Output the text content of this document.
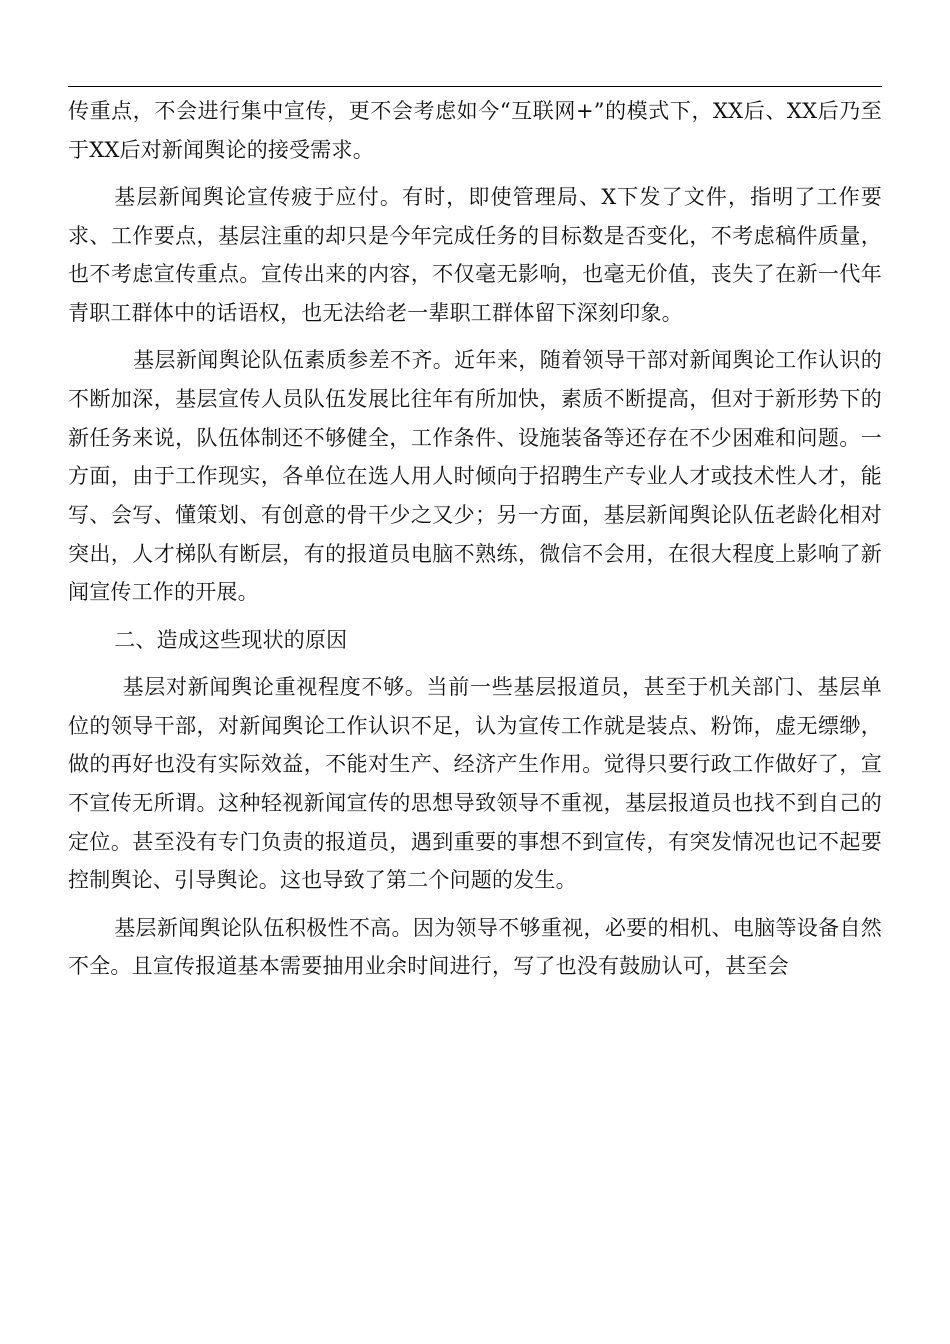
传重点，不会进行集中宣传，更不会考虑如今“互联网+”的模式下，XX后、XX后乃至于XX后对新闻舆论的接受需求。

基层新闻舆论宣传疲于应付。有时，即使管理局、X下发了文件，指明了工作要求、工作要点，基层注重的却只是今年完成任务的目标数是否变化，不考虑稿件质量，也不考虑宣传重点。宣传出来的内容，不仅毫无影响，也毫无价值，丧失了在新一代年青职工群体中的话语权，也无法给老一辈职工群体留下深刻印象。

基层新闻舆论队伍素质参差不齐。近年来，随着领导干部对新闻舆论工作认识的不断加深，基层宣传人员队伍发展比往年有所加快，素质不断提高，但对于新形势下的新任务来说，队伍体制还不够健全，工作条件、设施装备等还存在不少困难和问题。一方面，由于工作现实，各单位在选人用人时倾向于招聘生产专业人才或技术性人才，能写、会写、懂策划、有创意的骨干少之又少；另一方面，基层新闻舆论队伍老龄化相对突出，人才梯队有断层，有的报道员电脑不熟练，微信不会用，在很大程度上影响了新闻宣传工作的开展。

二、造成这些现状的原因

基层对新闻舆论重视程度不够。当前一些基层报道员，甚至于机关部门、基层单位的领导干部，对新闻舆论工作认识不足，认为宣传工作就是装点、粉饰，虚无缥缈，做的再好也没有实际效益，不能对生产、经济产生作用。觉得只要行政工作做好了，宣不宣传无所谓。这种轻视新闻宣传的思想导致领导不重视，基层报道员也找不到自己的定位。甚至没有专门负责的报道员，遇到重要的事想不到宣传，有突发情况也记不起要控制舆论、引导舆论。这也导致了第二个问题的发生。

基层新闻舆论队伍积极性不高。因为领导不够重视，必要的相机、电脑等设备自然不全。且宣传报道基本需要抽用业余时间进行，写了也没有鼓励认可，甚至会
